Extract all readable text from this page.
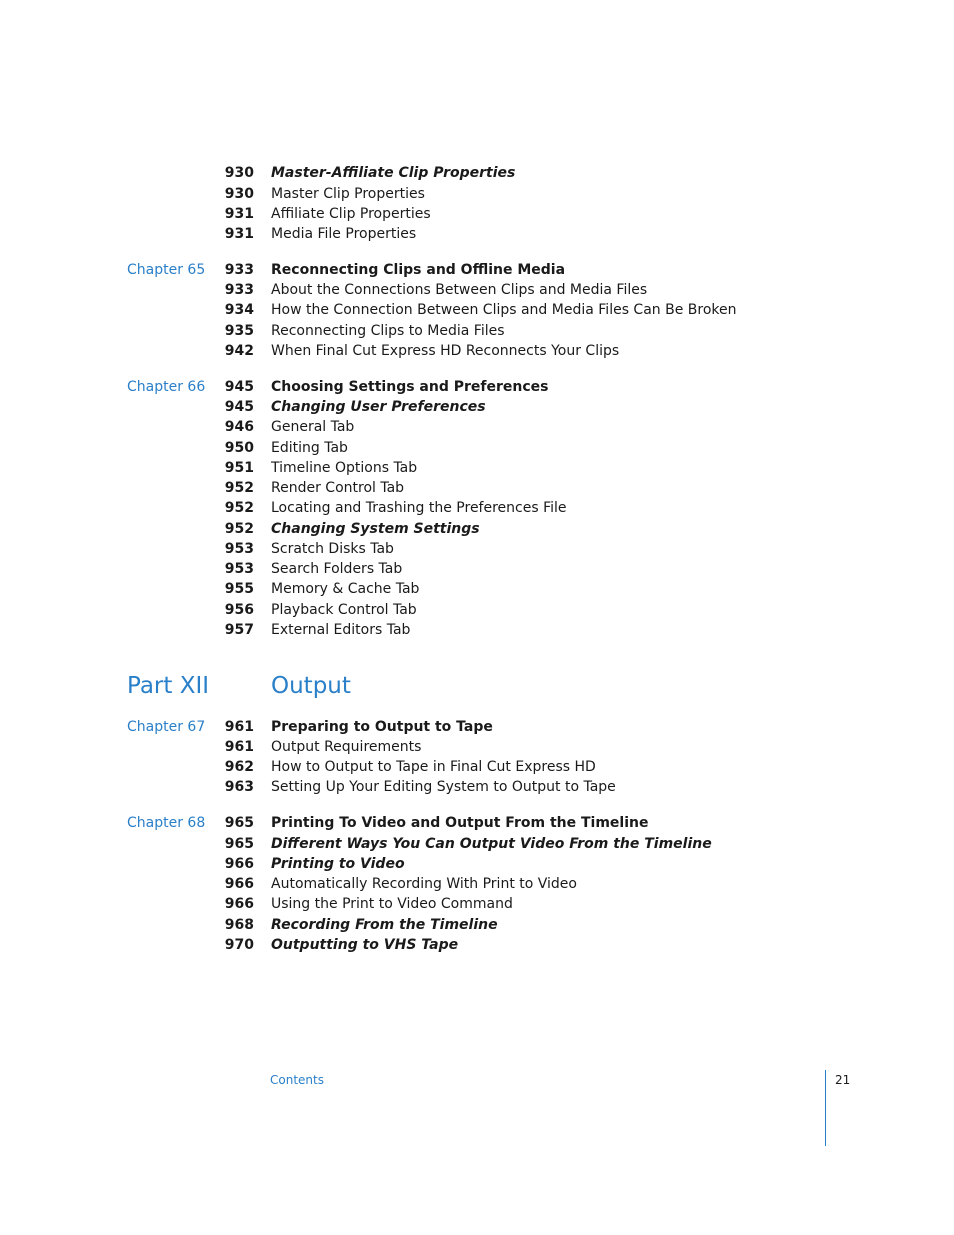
930 Master-Affiliate Clip Properties
930 Master Clip Properties
931 Affiliate Clip Properties
931 Media File Properties
Chapter 65	933 Reconnecting Clips and Offline Media
933 About the Connections Between Clips and Media Files
934 How the Connection Between Clips and Media Files Can Be Broken
935 Reconnecting Clips to Media Files
942 When Final Cut Express HD Reconnects Your Clips
Chapter 66	945 Choosing Settings and Preferences
945 Changing User Preferences
946 General Tab
950 Editing Tab
951 Timeline Options Tab
952 Render Control Tab
952 Locating and Trashing the Preferences File
952 Changing System Settings
953 Scratch Disks Tab
953 Search Folders Tab
955 Memory & Cache Tab
956 Playback Control Tab
957 External Editors Tab
Part XII	Output
Chapter 67	961 Preparing to Output to Tape
961 Output Requirements
962 How to Output to Tape in Final Cut Express HD
963 Setting Up Your Editing System to Output to Tape
Chapter 68	965 Printing To Video and Output From the Timeline
965 Different Ways You Can Output Video From the Timeline
966 Printing to Video
966 Automatically Recording With Print to Video
966 Using the Print to Video Command
968 Recording From the Timeline
970 Outputting to VHS Tape
Contents	21
